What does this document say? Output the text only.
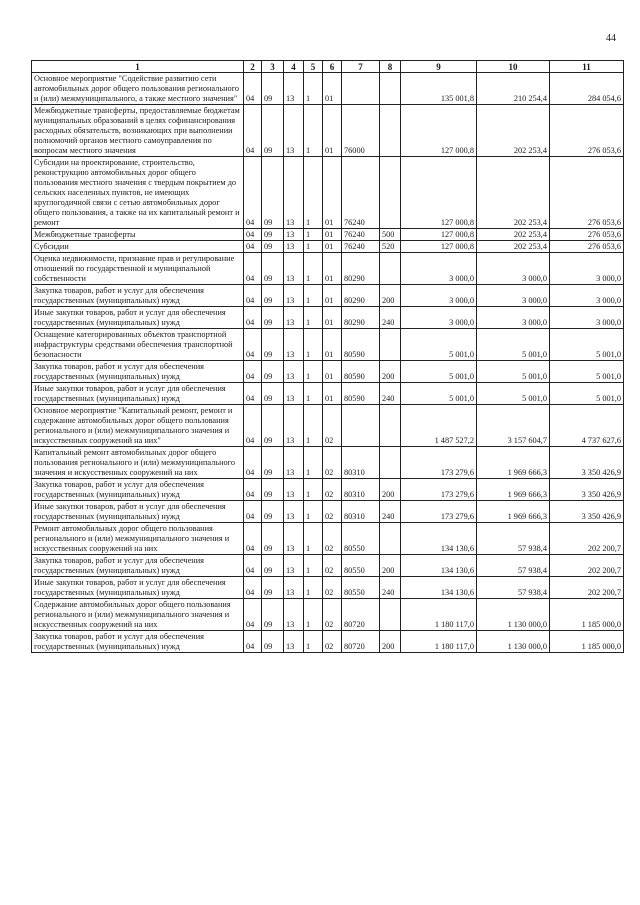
44
1	2	3	4	5	6	7	8	9	10	11
Основное мероприятие "Содействие развитию сети автомобильных дорог общего пользования регионального и (или) межмуниципального, а также местного значения"	04	09	13	1	01			135 001,8	210 254,4	284 054,6
Межбюджетные трансферты, предоставляемые бюджетам муниципальных образований в целях софинансирования расходных обязательств, возникающих при выполнении полномочий органов местного самоуправления по вопросам местного значения	04	09	13	1	01	76000		127 000,8	202 253,4	276 053,6
Субсидии на проектирование, строительство, реконструкцию автомобильных дорог общего пользования местного значения с твердым покрытием до сельских населенных пунктов, не имеющих круглогодичной связи с сетью автомобильных дорог общего пользования, а также на их капитальный ремонт и ремонт	04	09	13	1	01	76240		127 000,8	202 253,4	276 053,6
Межбюджетные трансферты	04	09	13	1	01	76240	500	127 000,8	202 253,4	276 053,6
Субсидии	04	09	13	1	01	76240	520	127 000,8	202 253,4	276 053,6
Оценка недвижимости, признание прав и регулирование отношений по государственной и муниципальной собственности	04	09	13	1	01	80290		3 000,0	3 000,0	3 000,0
Закупка товаров, работ и услуг для обеспечения государственных (муниципальных) нужд	04	09	13	1	01	80290	200	3 000,0	3 000,0	3 000,0
Иные закупки товаров, работ и услуг для обеспечения государственных (муниципальных) нужд	04	09	13	1	01	80290	240	3 000,0	3 000,0	3 000,0
Оснащение категорированных объектов транспортной инфраструктуры средствами обеспечения транспортной безопасности	04	09	13	1	01	80590		5 001,0	5 001,0	5 001,0
Закупка товаров, работ и услуг для обеспечения государственных (муниципальных) нужд	04	09	13	1	01	80590	200	5 001,0	5 001,0	5 001,0
Иные закупки товаров, работ и услуг для обеспечения государственных (муниципальных) нужд	04	09	13	1	01	80590	240	5 001,0	5 001,0	5 001,0
Основное мероприятие "Капитальный ремонт, ремонт и содержание автомобильных дорог общего пользования регионального и (или) межмуниципального значения и искусственных сооружений на них"	04	09	13	1	02			1 487 527,2	3 157 604,7	4 737 627,6
Капитальный ремонт автомобильных дорог общего пользования регионального и (или) межмуниципального значения и искусственных сооружений на них	04	09	13	1	02	80310		173 279,6	1 969 666,3	3 350 426,9
Закупка товаров, работ и услуг для обеспечения государственных (муниципальных) нужд	04	09	13	1	02	80310	200	173 279,6	1 969 666,3	3 350 426,9
Иные закупки товаров, работ и услуг для обеспечения государственных (муниципальных) нужд	04	09	13	1	02	80310	240	173 279,6	1 969 666,3	3 350 426,9
Ремонт автомобильных дорог общего пользования регионального и (или) межмуниципального значения и искусственных сооружений на них	04	09	13	1	02	80550		134 130,6	57 938,4	202 200,7
Закупка товаров, работ и услуг для обеспечения государственных (муниципальных) нужд	04	09	13	1	02	80550	200	134 130,6	57 938,4	202 200,7
Иные закупки товаров, работ и услуг для обеспечения государственных (муниципальных) нужд	04	09	13	1	02	80550	240	134 130,6	57 938,4	202 200,7
Содержание автомобильных дорог общего пользования регионального и (или) межмуниципального значения и искусственных сооружений на них	04	09	13	1	02	80720		1 180 117,0	1 130 000,0	1 185 000,0
Закупка товаров, работ и услуг для обеспечения государственных (муниципальных) нужд	04	09	13	1	02	80720	200	1 180 117,0	1 130 000,0	1 185 000,0
